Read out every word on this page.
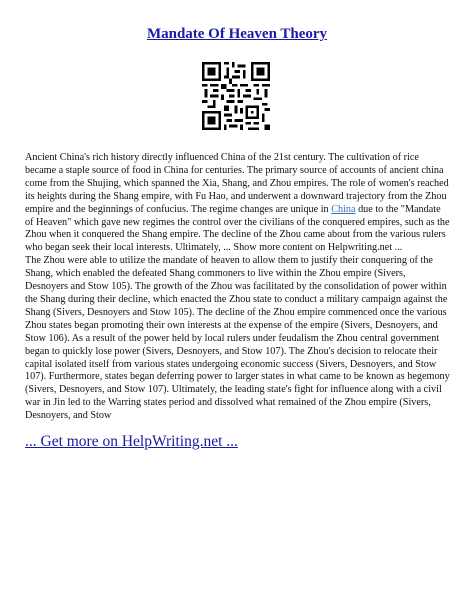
Mandate Of Heaven Theory

Ancient China's rich history directly influenced China of the 21st century. The cultivation of rice became a staple source of food in China for centuries. The primary source of accounts of ancient china come from the Shujing, which spanned the Xia, Shang, and Zhou empires. The role of women's reached its heights during the Shang empire, with Fu Hao, and underwent a downward trajectory from the Zhou empire and the beginnings of confucius. The regime changes are unique in China due to the "Mandate of Heaven" which gave new regimes the control over the civilians of the conquered empires, such as the Zhou when it conquered the Shang empire. The decline of the Zhou came about from the various rulers who began seek their local interests. Ultimately, ... Show more content on Helpwriting.net ...

The Zhou were able to utilize the mandate of heaven to allow them to justify their conquering of the Shang, which enabled the defeated Shang commoners to live within the Zhou empire (Sivers, Desnoyers and Stow 105). The growth of the Zhou was facilitated by the consolidation of power within the Shang during their decline, which enacted the Zhou state to conduct a military campaign against the Shang (Sivers, Desnoyers and Stow 105). The decline of the Zhou empire commenced once the various Zhou states began promoting their own interests at the expense of the empire (Sivers, Desnoyers, and Stow 106). As a result of the power held by local rulers under feudalism the Zhou central government began to quickly lose power (Sivers, Desnoyers, and Stow 107). The Zhou's decision to relocate their capital isolated itself from various states undergoing economic success (Sivers, Desnoyers, and Stow 107). Furthermore, states began deferring power to larger states in what came to be known as hegemony (Sivers, Desnoyers, and Stow 107). Ultimately, the leading state's fight for influence along with a civil war in Jin led to the Warring states period and dissolved what remained of the Zhou empire (Sivers, Desnoyers, and Stow

... Get more on HelpWriting.net ...
